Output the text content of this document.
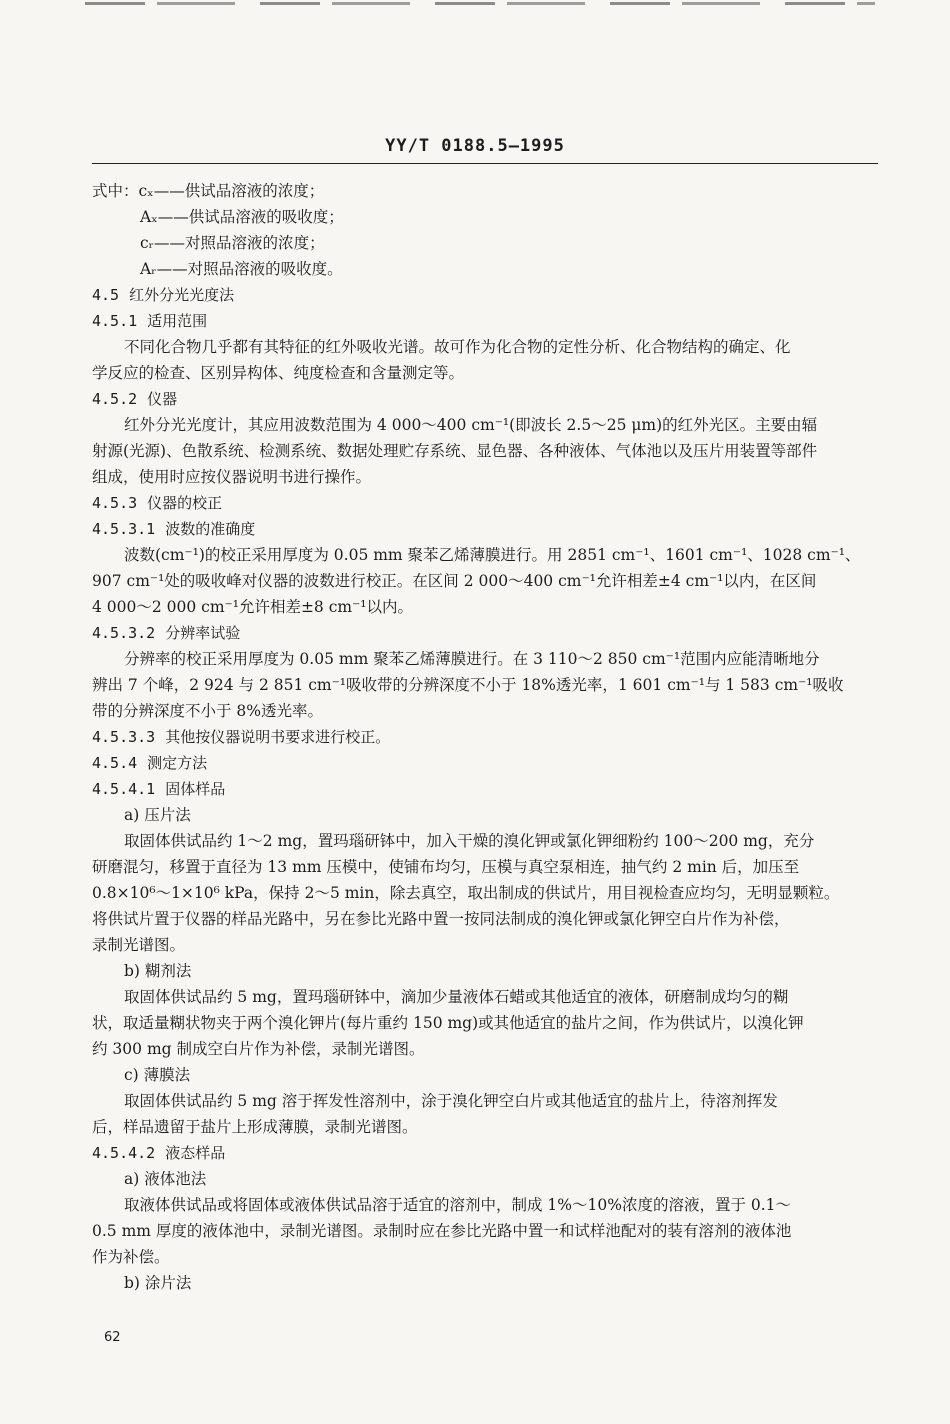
YY/T 0188.5—1995
式中：cₓ——供试品溶液的浓度；
Aₓ——供试品溶液的吸收度；
cᵣ——对照品溶液的浓度；
Aᵣ——对照品溶液的吸收度。
4.5 红外分光光度法
4.5.1 适用范围
不同化合物几乎都有其特征的红外吸收光谱。故可作为化合物的定性分析、化合物结构的确定、化
学反应的检查、区别异构体、纯度检查和含量测定等。
4.5.2 仪器
红外分光光度计，其应用波数范围为 4 000～400 cm⁻¹(即波长 2.5～25 μm)的红外光区。主要由辐
射源(光源)、色散系统、检测系统、数据处理贮存系统、显色器、各种液体、气体池以及压片用装置等部件
组成，使用时应按仪器说明书进行操作。
4.5.3 仪器的校正
4.5.3.1 波数的准确度
波数(cm⁻¹)的校正采用厚度为 0.05 mm 聚苯乙烯薄膜进行。用 2851 cm⁻¹、1601 cm⁻¹、1028 cm⁻¹、
907 cm⁻¹处的吸收峰对仪器的波数进行校正。在区间 2 000～400 cm⁻¹允许相差±4 cm⁻¹以内，在区间
4 000～2 000 cm⁻¹允许相差±8 cm⁻¹以内。
4.5.3.2 分辨率试验
分辨率的校正采用厚度为 0.05 mm 聚苯乙烯薄膜进行。在 3 110～2 850 cm⁻¹范围内应能清晰地分
辨出 7 个峰，2 924 与 2 851 cm⁻¹吸收带的分辨深度不小于 18%透光率，1 601 cm⁻¹与 1 583 cm⁻¹吸收
带的分辨深度不小于 8%透光率。
4.5.3.3 其他按仪器说明书要求进行校正。
4.5.4 测定方法
4.5.4.1 固体样品
a) 压片法
取固体供试品约 1～2 mg，置玛瑙研钵中，加入干燥的溴化钾或氯化钾细粉约 100～200 mg，充分
研磨混匀，移置于直径为 13 mm 压模中，使铺布均匀，压模与真空泵相连，抽气约 2 min 后，加压至
0.8×10⁶～1×10⁶ kPa，保持 2～5 min，除去真空，取出制成的供试片，用目视检查应均匀，无明显颗粒。
将供试片置于仪器的样品光路中，另在参比光路中置一按同法制成的溴化钾或氯化钾空白片作为补偿，
录制光谱图。
b) 糊剂法
取固体供试品约 5 mg，置玛瑙研钵中，滴加少量液体石蜡或其他适宜的液体，研磨制成均匀的糊
状，取适量糊状物夹于两个溴化钾片(每片重约 150 mg)或其他适宜的盐片之间，作为供试片，以溴化钾
约 300 mg 制成空白片作为补偿，录制光谱图。
c) 薄膜法
取固体供试品约 5 mg 溶于挥发性溶剂中，涂于溴化钾空白片或其他适宜的盐片上，待溶剂挥发
后，样品遗留于盐片上形成薄膜，录制光谱图。
4.5.4.2 液态样品
a) 液体池法
取液体供试品或将固体或液体供试品溶于适宜的溶剂中，制成 1%～10%浓度的溶液，置于 0.1～
0.5 mm 厚度的液体池中，录制光谱图。录制时应在参比光路中置一和试样池配对的装有溶剂的液体池
作为补偿。
b) 涂片法
62
